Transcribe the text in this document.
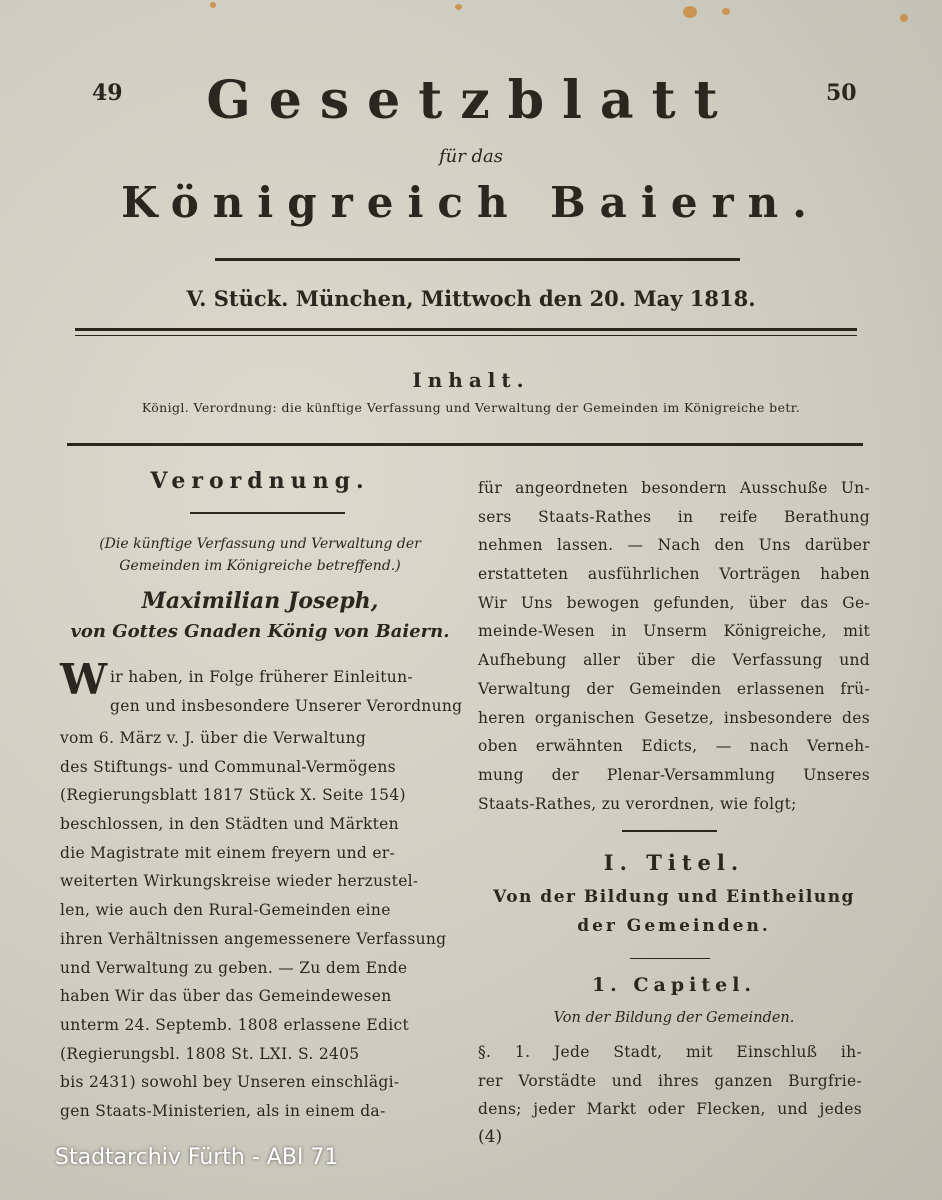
49	50
Gesetzblatt
für das
Königreich Baiern.
V. Stück. München, Mittwoch den 20. May 1818.
Inhalt.
Königl. Verordnung: die künftige Verfassung und Verwaltung der Gemeinden im Königreiche betr.
Verordnung.
(Die künftige Verfassung und Verwaltung der
Gemeinden im Königreiche betreffend.)
Maximilian Joseph,
von Gottes Gnaden König von Baiern.
W ir haben, in Folge früherer Einleitun-
gen und insbesondere Unserer Verordnung
vom 6. März v. J. über die Verwaltung
des Stiftungs- und Communal-Vermögens
(Regierungsblatt 1817 Stück X. Seite 154)
beschlossen, in den Städten und Märkten
die Magistrate mit einem freyern und er-
weiterten Wirkungskreise wieder herzustel-
len, wie auch den Rural-Gemeinden eine
ihren Verhältnissen angemessenere Verfassung
und Verwaltung zu geben. — Zu dem Ende
haben Wir das über das Gemeindewesen
unterm 24. Septemb. 1808 erlassene Edict
(Regierungsbl. 1808 St. LXI. S. 2405
bis 2431) sowohl bey Unseren einschlägi-
gen Staats-Ministerien, als in einem da-
für angeordneten besondern Ausschuße Un-
sers Staats-Rathes in reife Berathung
nehmen lassen. — Nach den Uns darüber
erstatteten ausführlichen Vorträgen haben
Wir Uns bewogen gefunden, über das Ge-
meinde-Wesen in Unserm Königreiche, mit
Aufhebung aller über die Verfassung und
Verwaltung der Gemeinden erlassenen frü-
heren organischen Gesetze, insbesondere des
oben erwähnten Edicts, — nach Verneh-
mung der Plenar-Versammlung Unseres
Staats-Rathes, zu verordnen, wie folgt;
I. Titel.
Von der Bildung und Eintheilung
der Gemeinden.
1. Capitel.
Von der Bildung der Gemeinden.
§. 1. Jede Stadt, mit Einschluß ih-
rer Vorstädte und ihres ganzen Burgfrie-
dens; jeder Markt oder Flecken, und jedes
(4)
Stadtarchiv Fürth - ABI 71
